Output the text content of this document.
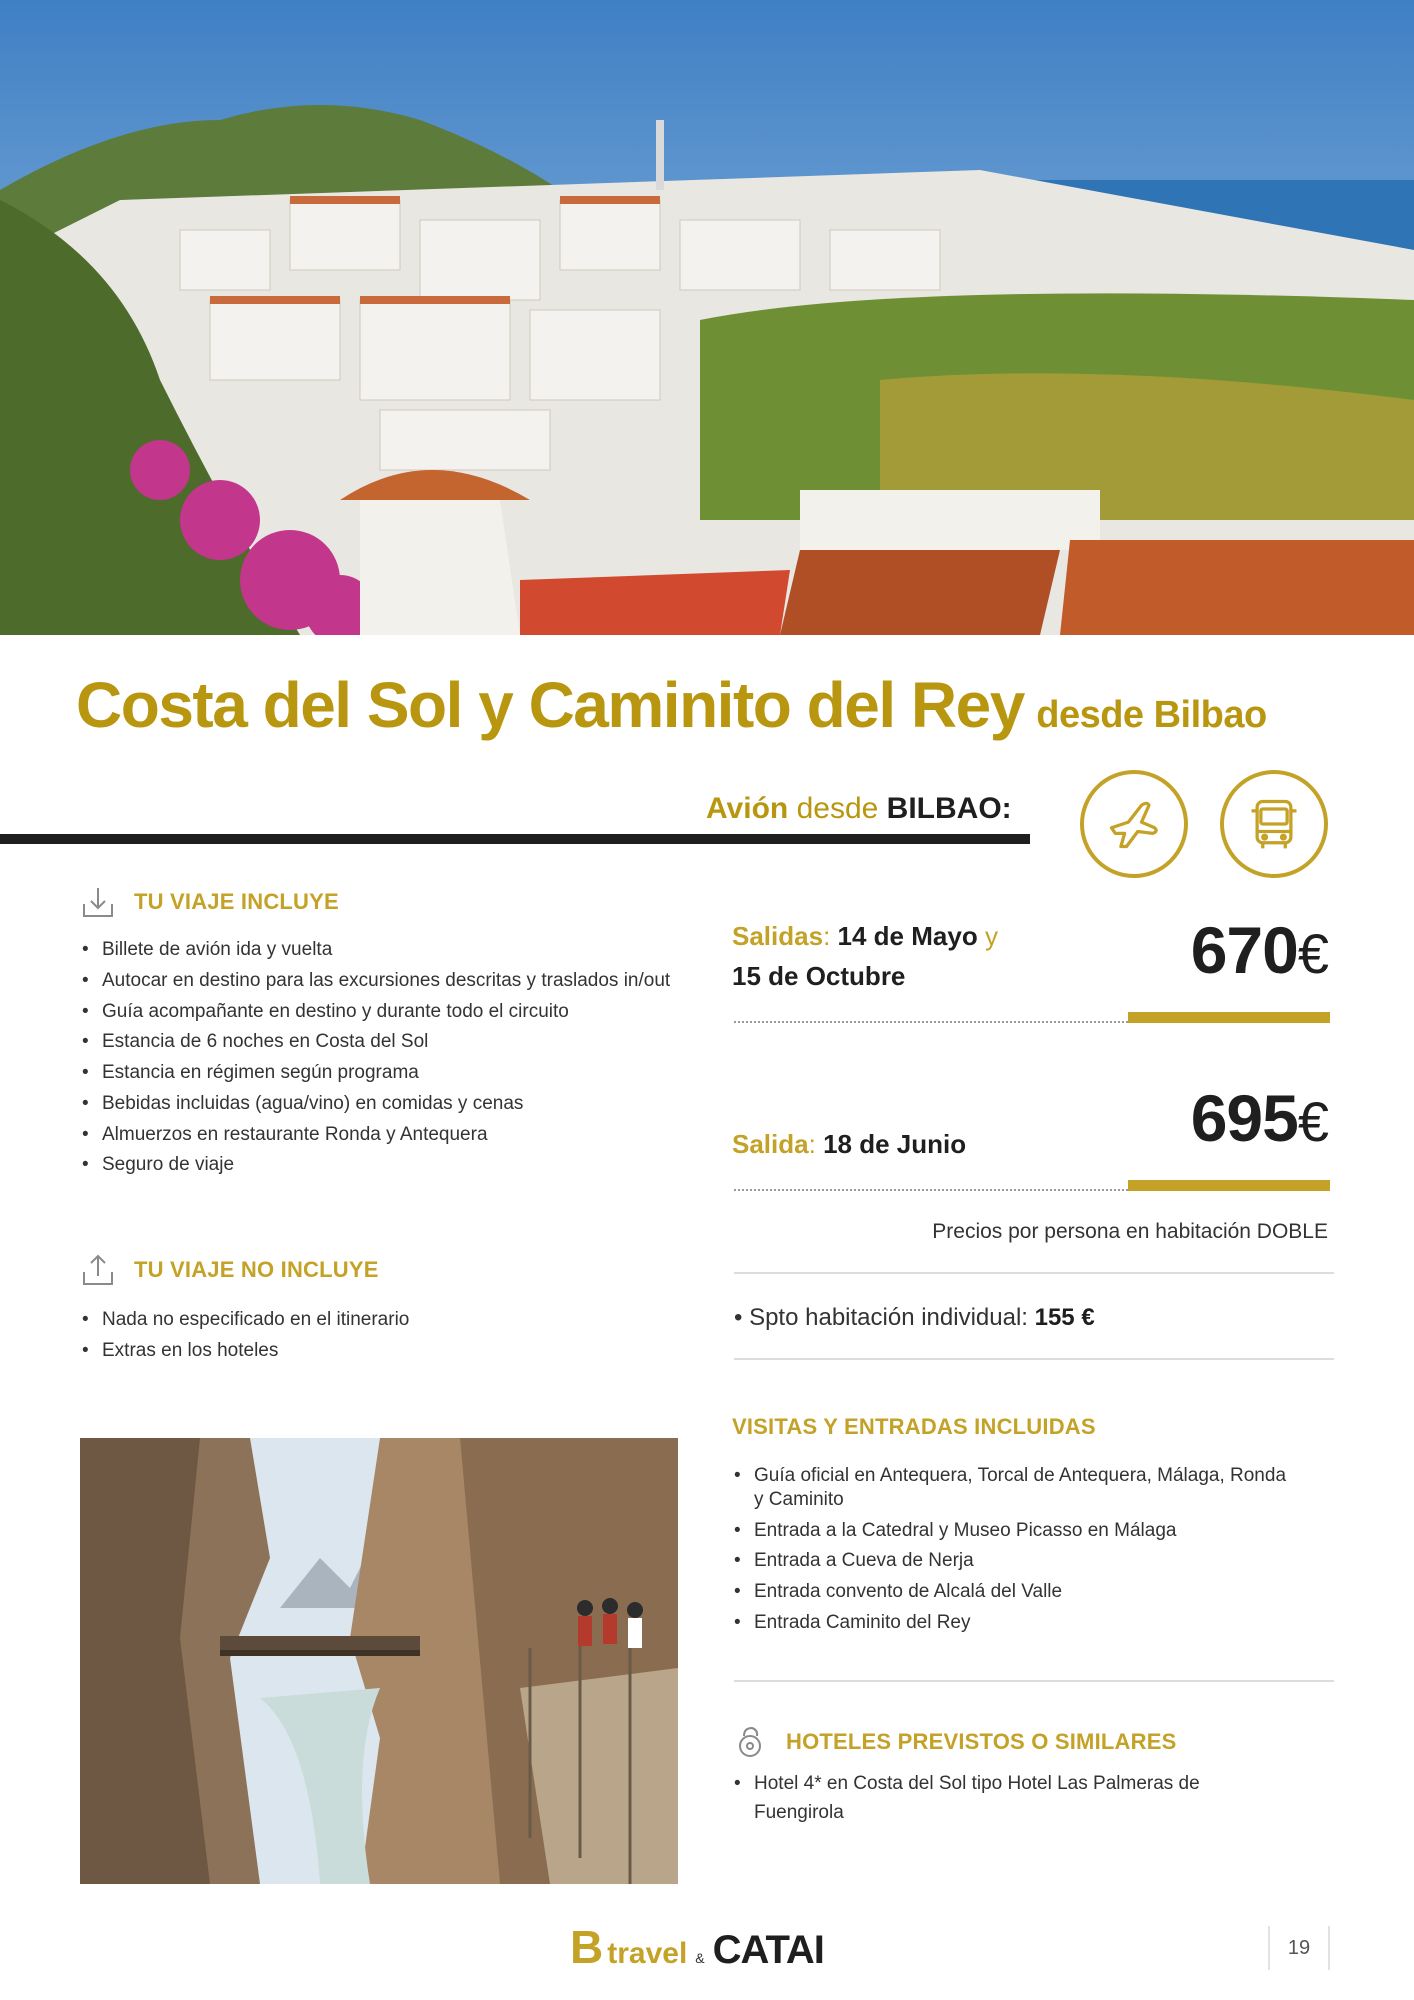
Costa del Sol y Caminito del Rey desde Bilbao
Avión desde BILBAO:
TU VIAJE INCLUYE
• Billete de avión ida y vuelta
• Autocar en destino para las excursiones descritas y traslados in/out
• Guía acompañante en destino y durante todo el circuito
• Estancia de 6 noches en Costa del Sol
• Estancia en régimen según programa
• Bebidas incluidas (agua/vino) en comidas y cenas
• Almuerzos en restaurante Ronda y Antequera
• Seguro de viaje
TU VIAJE NO INCLUYE
• Nada no especificado en el itinerario
• Extras en los hoteles
Salidas: 14 de Mayo y
15 de Octubre	670€
Salida: 18 de Junio	695€
Precios por persona en habitación DOBLE
• Spto habitación individual: 155 €
VISITAS Y ENTRADAS INCLUIDAS
• Guía oficial en Antequera, Torcal de Antequera, Málaga, Ronda y Caminito
• Entrada a la Catedral y Museo Picasso en Málaga
• Entrada a Cueva de Nerja
• Entrada convento de Alcalá del Valle
• Entrada Caminito del Rey
HOTELES PREVISTOS O SIMILARES
• Hotel 4* en Costa del Sol tipo Hotel Las Palmeras de Fuengirola
B travel & CATAI	19
